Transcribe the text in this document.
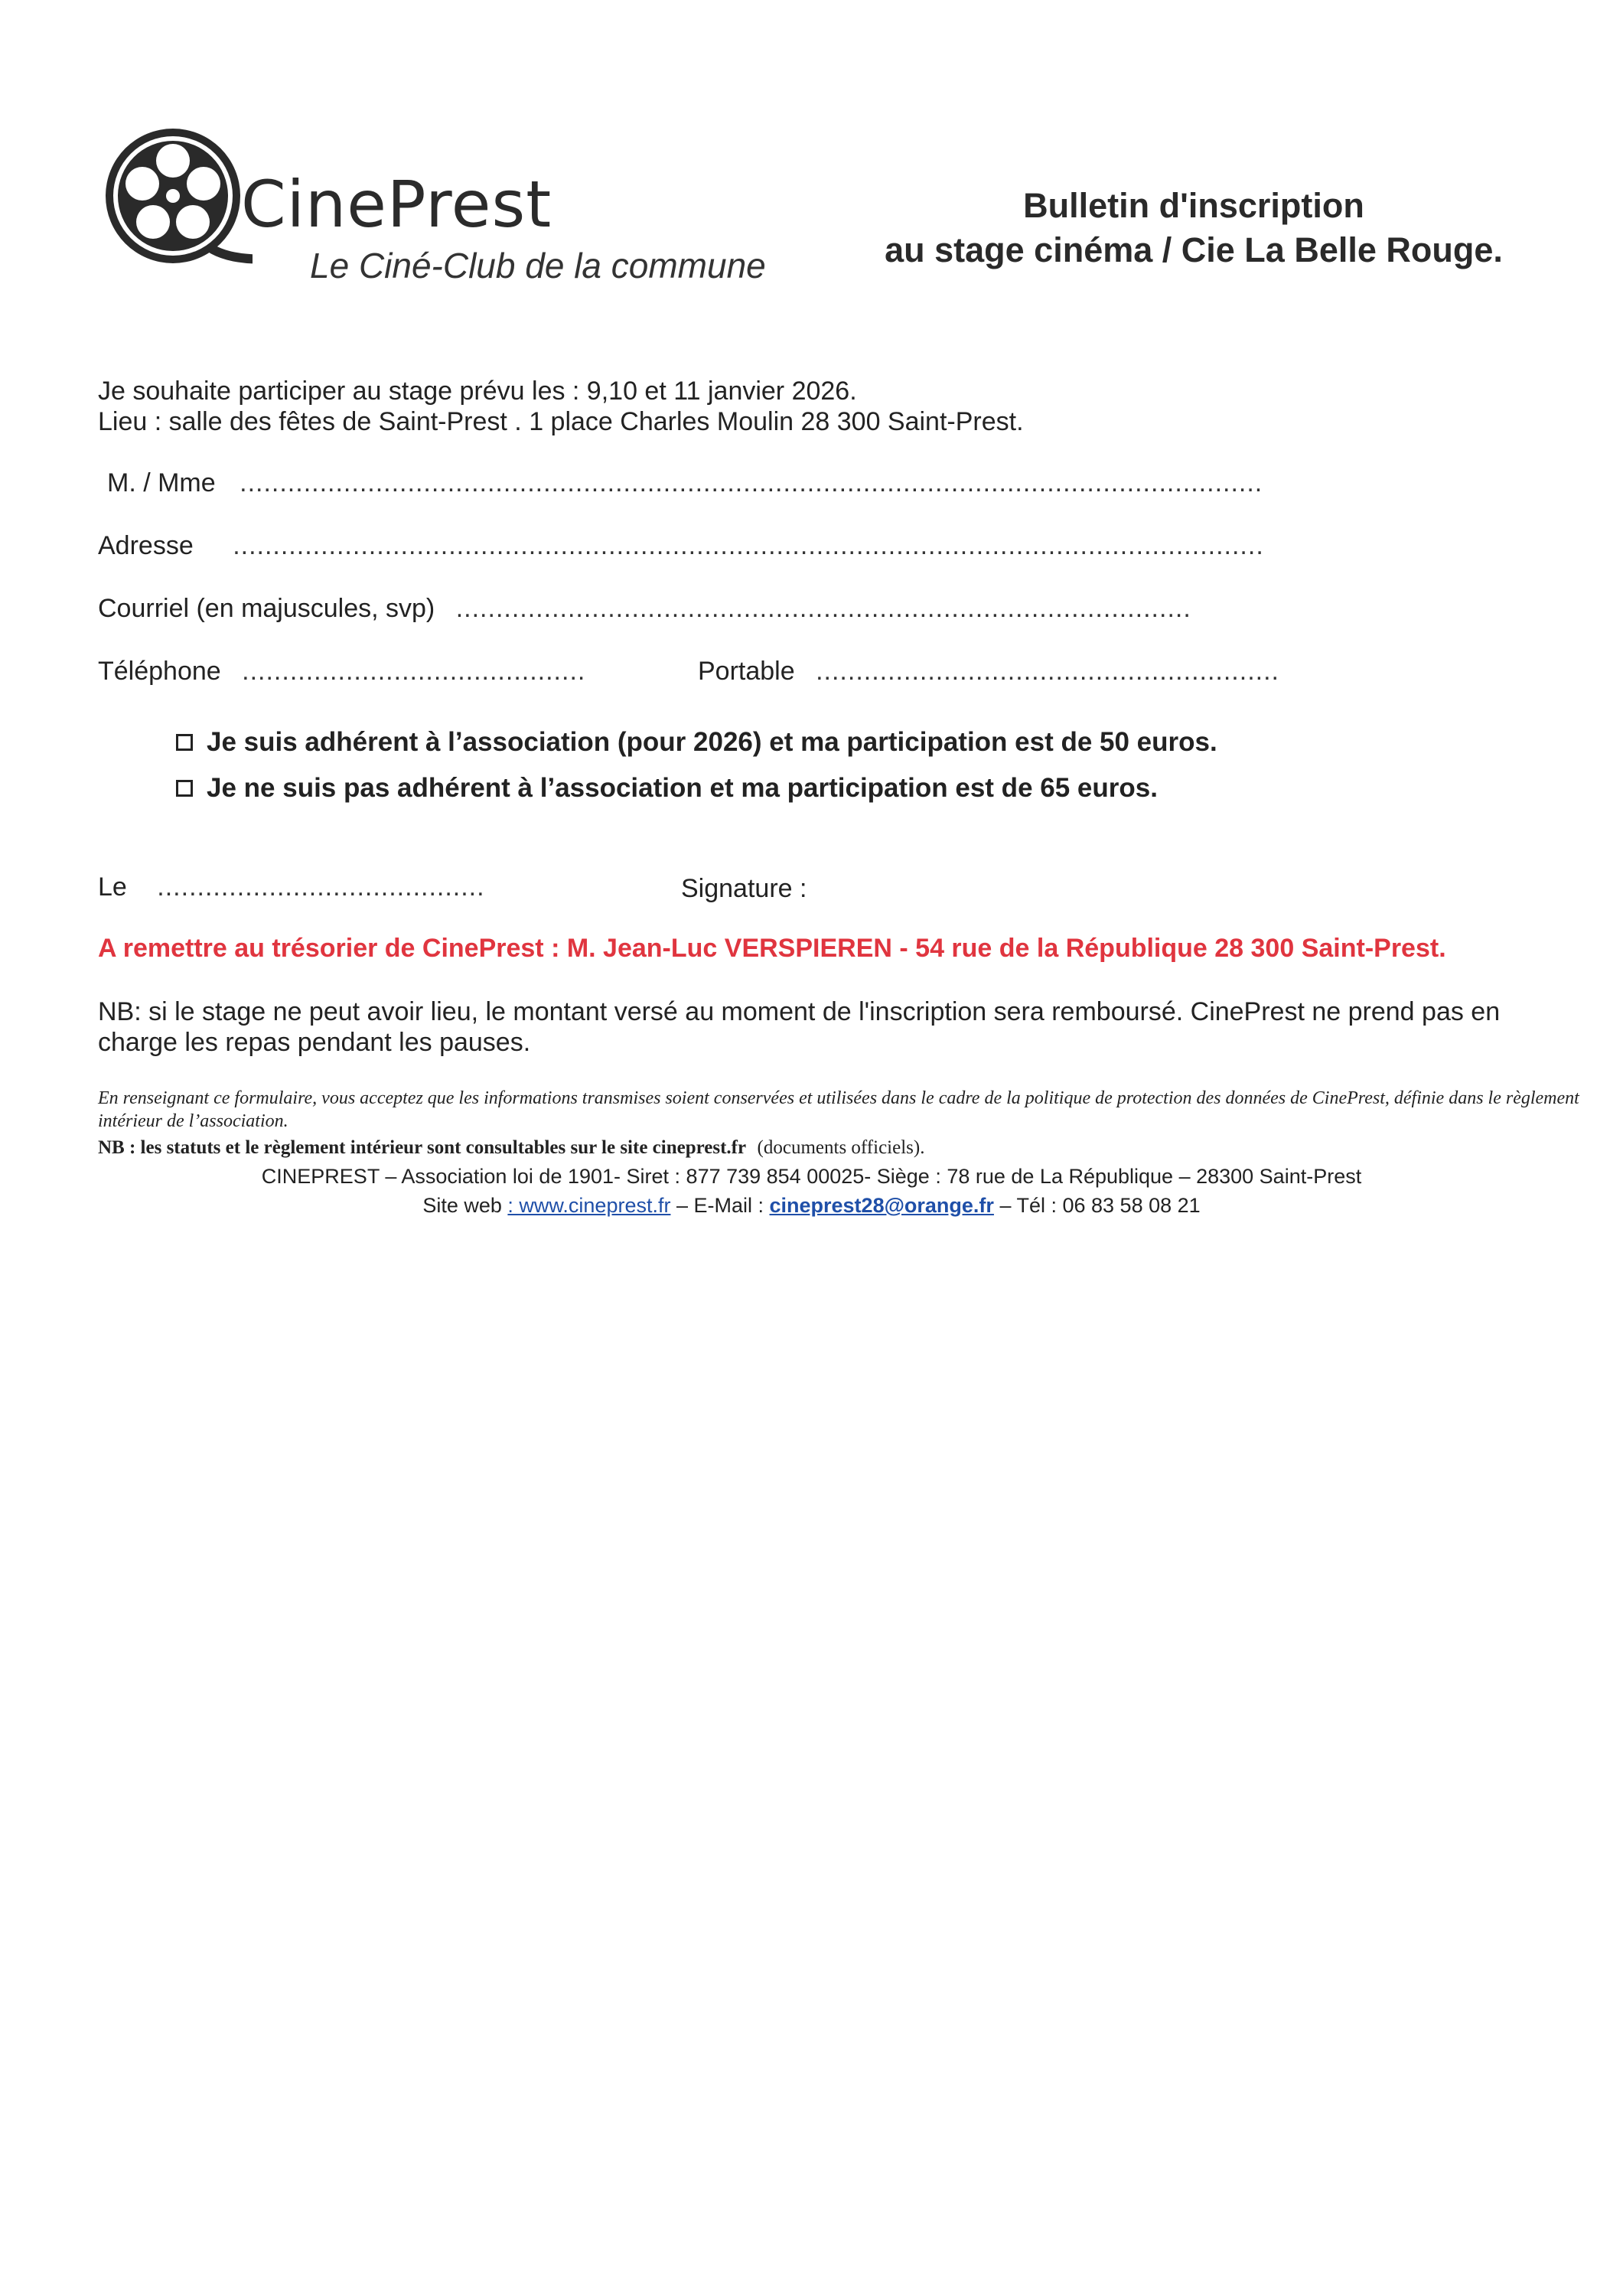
CinePrest
Le Ciné-Club de la commune
Bulletin d'inscription
au stage cinéma / Cie La Belle Rouge.
Je souhaite participer au stage prévu les : 9,10 et 11 janvier 2026.
Lieu : salle des fêtes de Saint-Prest . 1 place Charles Moulin 28 300 Saint-Prest.
M. / Mme ................................................................................................................................
Adresse .................................................................................................................................
Courriel (en majuscules, svp) ............................................................................................
Téléphone ...........................................	Portable ..........................................................
Je suis adhérent à l’association (pour 2026) et ma participation est de 50 euros.
Je ne suis pas adhérent à l’association et ma participation est de 65 euros.
Le .........................................	Signature :
A remettre au trésorier de CinePrest : M. Jean-Luc VERSPIEREN - 54 rue de la République 28 300 Saint-Prest.
NB: si le stage ne peut avoir lieu, le montant versé au moment de l'inscription sera remboursé. CinePrest ne prend pas en charge les repas pendant les pauses.
En renseignant ce formulaire, vous acceptez que les informations transmises soient conservées et utilisées dans le cadre de la politique de protection des données de CinePrest, définie dans le règlement intérieur de l’association.
NB : les statuts et le règlement intérieur sont consultables sur le site cineprest.fr (documents officiels).
CINEPREST – Association loi de 1901- Siret : 877 739 854 00025- Siège : 78 rue de La République – 28300 Saint-Prest
Site web : www.cineprest.fr – E-Mail : cineprest28@orange.fr – Tél : 06 83 58 08 21
